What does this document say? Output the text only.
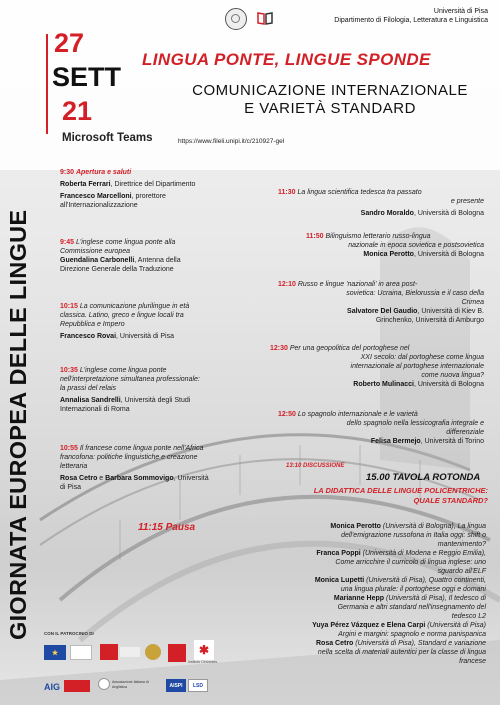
27
SETT
21
GIORNATA EUROPEA DELLE LINGUE
Università di Pisa
Dipartimento di Filologia, Letteratura e Linguistica
LINGUA PONTE, LINGUE SPONDE
COMUNICAZIONE INTERNAZIONALE
E VARIETÀ STANDARD
Microsoft Teams	https://www.fileli.unipi.it/c/210927-gel
9:30 Apertura e saluti
Roberta Ferrari, Direttrice del Dipartimento
Francesco Marcelloni, prorettore
all'Internazionalizzazione
9:45 L'inglese come lingua ponte alla
Commissione europea
Guendalina Carbonelli, Antenna della
Direzione Generale della Traduzione
10:15 La comunicazione plurilingue in età
classica. Latino, greco e lingue locali tra
Repubblica e Impero
Francesco Rovai, Università di Pisa
10:35 L'inglese come lingua ponte
nell'interpretazione simultanea professionale:
la prassi del relais
Annalisa Sandrelli, Università degli Studi
Internazionali di Roma
10:55 Il francese come lingua ponte nell'Africa
francofona: politiche linguistiche e creazione
letteraria
Rosa Cetro e Barbara Sommovigo, Università
di Pisa
11:15 Pausa
11:30 La lingua scientifica tedesca tra passato
e presente
Sandro Moraldo, Università di Bologna
11:50 Bilinguismo letterario russo-lingua
nazionale in epoca sovietica e postsovietica
Monica Perotto, Università di Bologna
12:10 Russo e lingue 'nazionali' in area post-
sovietica: Ucraina, Bielorussia e il caso della
Crimea
Salvatore Del Gaudio, Università di Kiev B.
Grinchenko, Università di Amburgo
12:30 Per una geopolitica del portoghese nel
XXI secolo: dal portoghese come lingua
internazionale al portoghese internazionale
come nuova lingua?
Roberto Mulinacci, Università di Bologna
12:50 Lo spagnolo internazionale e le varietà
dello spagnolo nella lessicografia integrale e
differenziale
Felisa Bermejo, Università di Torino
13:10 DISCUSSIONE
15.00 TAVOLA ROTONDA
LA DIDATTICA DELLE LINGUE POLICENTRICHE:
QUALE STANDARD?
Monica Perotto (Università di Bologna), La lingua
dell'emigrazione russofona in Italia oggi: shift o
mantenimento?
Franca Poppi (Università di Modena e Reggio Emilia),
Come arricchire il curricolo di lingua inglese: uno
sguardo all'ELF
Monica Lupetti (Università di Pisa), Quattro continenti,
una lingua plurale: il portoghese oggi e domani
Marianne Hepp (Università di Pisa), Il tedesco di
Germania e altri standard nell'insegnamento del
tedesco L2
Yuya Pérez Vázquez e Elena Carpi (Università di Pisa)
Argini e margini: spagnolo e norma panispanica
Rosa Cetro (Università di Pisa), Standard e variazione
nella scelta di materiali autentici per la classe di lingua
francese
CON IL PATROCINIO DI
★	✱
Instituto Cervantes
AIG	Associazione Italiana di Anglistica	AISPI	LSD
